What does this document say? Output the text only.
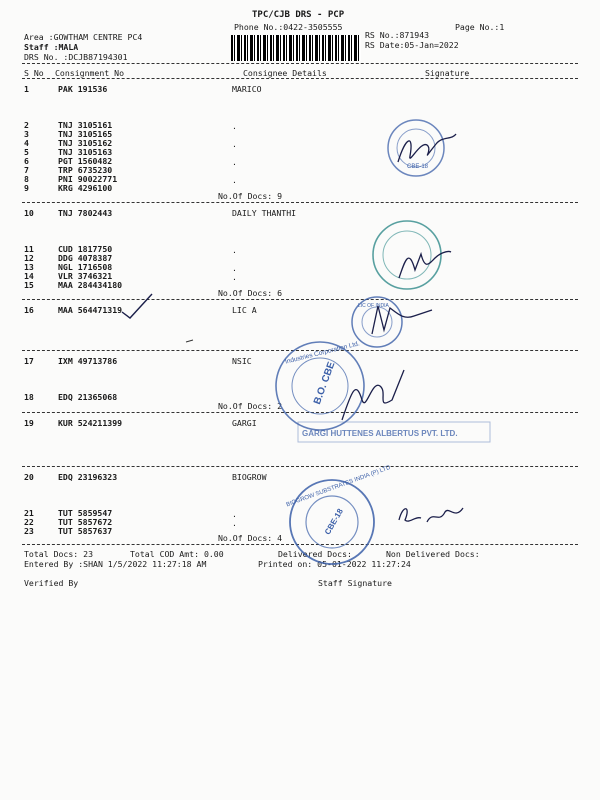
TPC/CJB DRS - PCP
Phone No.:0422-3505555	Page No.:1
Area :GOWTHAM CENTRE PC4
Staff :MALA
DRS No. :DCJB87194301
RS No.:871943
RS Date:05-Jan=2022
S No Consignment No	Consignee Details	Signature
1	PAK 191536	MARICO
2	TNJ 3105161
3	TNJ 3105165
4	TNJ 3105162
5	TNJ 3105163
6	PGT 1560482
7	TRP 6735230
8	PNI 90022771
9	KRG 4296100
.
.
.
.
No.Of Docs: 9
10	TNJ 7802443	DAILY THANTHI
11	CUD 1817750
12	DDG 4078387
13	NGL 1716508
14	VLR 3746321
15	MAA 284434180
.
.
.
No.Of Docs: 6
16	MAA 564471319	LIC A
17	IXM 49713786	NSIC
18	EDQ 21365068
No.Of Docs: 2
19	KUR 524211399	GARGI
20	EDQ 23196323	BIOGROW
21	TUT 5859547
22	TUT 5857672
23	TUT 5857637
.
.
No.Of Docs: 4
Total Docs: 23	Total COD Amt: 0.00	Delivered Docs:	Non Delivered Docs:
Entered By :SHAN 1/5/2022 11:27:18 AM	Printed on: 05-01-2022 11:27:24
Verified By	Staff Signature
CBE-18
LIC OF INDIA
Industries Corporation Ltd.
B.O. CBE
GARGI HUTTENES ALBERTUS PVT. LTD.
BIOGROW SUBSTRATES INDIA (P) LTD
CBE-18
